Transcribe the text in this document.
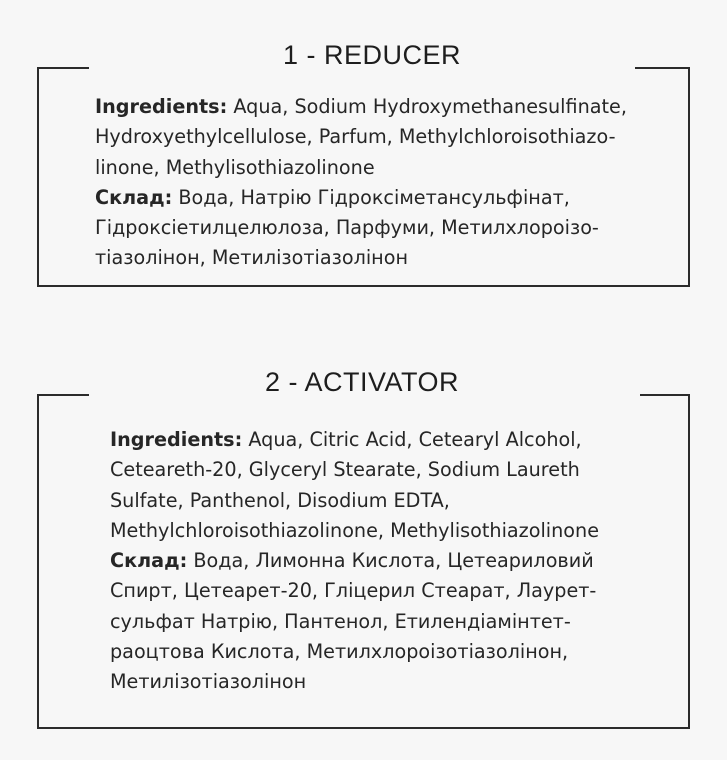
1 - REDUCER
Ingredients: Aqua, Sodium Hydroxymethanesulfinate,
Hydroxyethylcellulose, Parfum, Methylchloroisothiazo-
linone, Methylisothiazolinone
Склад: Вода, Натрію Гідроксіметансульфінат,
Гідроксіетилцелюлоза, Парфуми, Метилхлороізо-
тіазолінон, Метилізотіазолінон
2 - ACTIVATOR
Ingredients: Aqua, Citric Acid, Cetearyl Alcohol,
Ceteareth-20, Glyceryl Stearate, Sodium Laureth
Sulfate, Panthenol, Disodium EDTA,
Methylchloroisothiazolinone, Methylisothiazolinone
Склад: Вода, Лимонна Кислота, Цетеариловий
Спирт, Цетеарет-20, Гліцерил Стеарат, Лаурет-
сульфат Натрію, Пантенол, Етилендіамінтет-
раоцтова Кислота, Метилхлороізотіазолінон,
Метилізотіазолінон
